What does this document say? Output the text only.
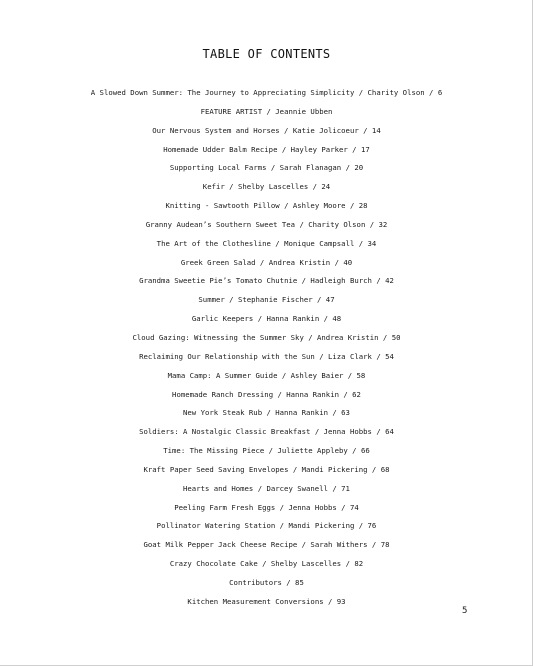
TABLE OF CONTENTS
A Slowed Down Summer: The Journey to Appreciating Simplicity / Charity Olson / 6
FEATURE ARTIST / Jeannie Ubben
Our Nervous System and Horses / Katie Jolicoeur / 14
Homemade Udder Balm Recipe / Hayley Parker / 17
Supporting Local Farms / Sarah Flanagan / 20
Kefir / Shelby Lascelles / 24
Knitting - Sawtooth Pillow / Ashley Moore / 28
Granny Audean’s Southern Sweet Tea / Charity Olson / 32
The Art of the Clothesline / Monique Campsall / 34
Greek Green Salad / Andrea Kristin / 40
Grandma Sweetie Pie’s Tomato Chutnie / Hadleigh Burch / 42
Summer / Stephanie Fischer / 47
Garlic Keepers / Hanna Rankin / 48
Cloud Gazing: Witnessing the Summer Sky / Andrea Kristin / 50
Reclaiming Our Relationship with the Sun / Liza Clark / 54
Mama Camp: A Summer Guide / Ashley Baier / 58
Homemade Ranch Dressing / Hanna Rankin / 62
New York Steak Rub / Hanna Rankin / 63
Soldiers: A Nostalgic Classic Breakfast / Jenna Hobbs / 64
Time: The Missing Piece / Juliette Appleby / 66
Kraft Paper Seed Saving Envelopes / Mandi Pickering / 68
Hearts and Homes / Darcey Swanell / 71
Peeling Farm Fresh Eggs / Jenna Hobbs / 74
Pollinator Watering Station / Mandi Pickering / 76
Goat Milk Pepper Jack Cheese Recipe / Sarah Withers / 78
Crazy Chocolate Cake / Shelby Lascelles / 82
Contributors / 85
Kitchen Measurement Conversions / 93
5
